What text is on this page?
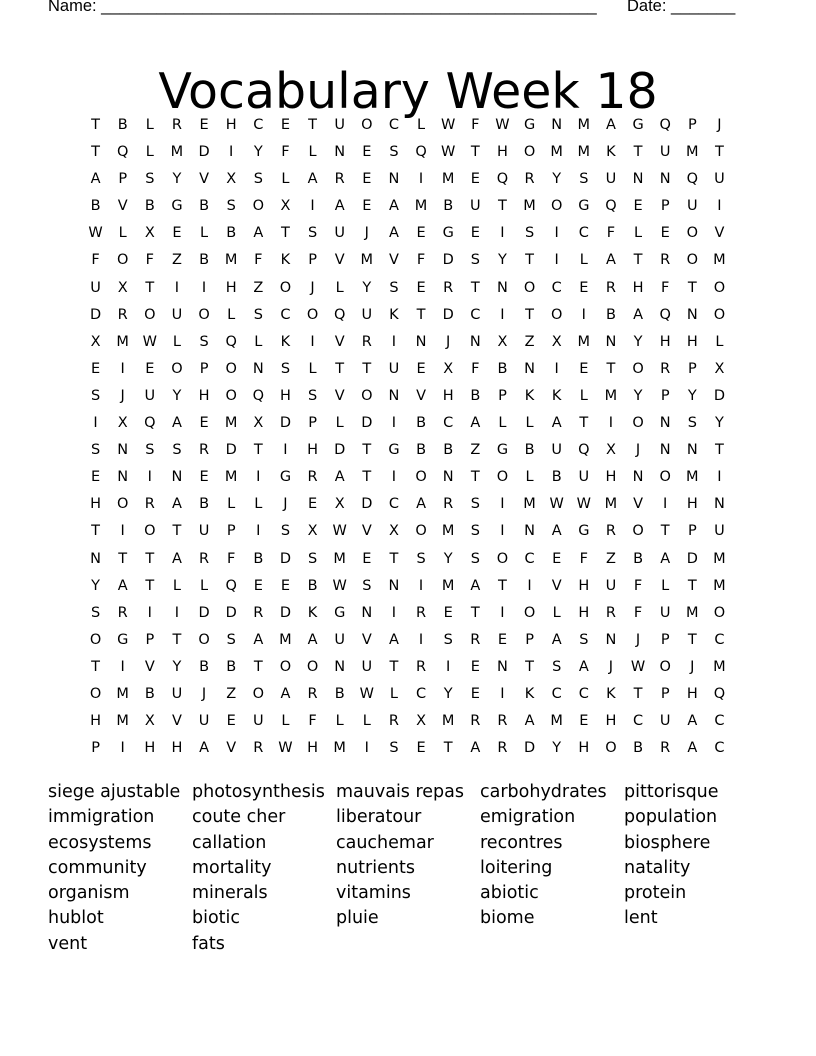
Name: ______________________________________________________ Date: _______
Vocabulary Week 18
T	B	L	R	E	H	C	E	T	U	O	C	L	W	F	W G	N	M	A	G	Q	P	J
T	Q	L	M	D	I	Y	F	L	N	E	S	Q W	T	H	O	M	M	K	T	U	M	T
A	P	S	Y	V	X	S	L	A	R	E	N	I	M	E	Q	R	Y	S	U	N	N	Q	U
B	V	B	G	B	S	O	X	I	A	E	A	M	B	U	T	M	O	G	Q	E	P	U	I
W	L	X	E	L	B	A	T	S	U	J	A	E	G	E	I	S	I	C	F	L	E	O	V
F	O	F	Z	B	M	F	K	P	V	M	V	F	D	S	Y	T	I	L	A	T	R	O	M
U	X	T	I	I	H	Z	O	J	L	Y	S	E	R	T	N	O	C	E	R	H	F	T	O
D	R	O	U	O	L	S	C	O	Q	U	K	T	D	C	I	T	O	I	B	A	Q	N	O
X	M W	L	S	Q	L	K	I	V	R	I	N	J	N	X	Z	X	M	N	Y	H	H	L
E	I	E	O	P	O	N	S	L	T	T	U	E	X	F	B	N	I	E	T	O	R	P	X
S	J	U	Y	H	O	Q	H	S	V	O	N	V	H	B	P	K	K	L	M	Y	P	Y	D
I	X	Q	A	E	M	X	D	P	L	D	I	B	C	A	L	L	A	T	I	O	N	S	Y
S	N	S	S	R	D	T	I	H	D	T	G	B	B	Z	G	B	U	Q	X	J	N	N	T
E	N	I	N	E	M	I	G	R	A	T	I	O	N	T	O	L	B	U	H	N	O	M	I
H	O	R	A	B	L	L	J	E	X	D	C	A	R	S	I	M W W M	V	I	H	N
T	I	O	T	U	P	I	S	X	W	V	X	O	M	S	I	N	A	G	R	O	T	P	U
N	T	T	A	R	F	B	D	S	M	E	T	S	Y	S	O	C	E	F	Z	B	A	D	M
Y	A	T	L	L	Q	E	E	B	W	S	N	I	M	A	T	I	V	H	U	F	L	T	M
S	R	I	I	D	D	R	D	K	G	N	I	R	E	T	I	O	L	H	R	F	U	M	O
O	G	P	T	O	S	A	M	A	U	V	A	I	S	R	E	P	A	S	N	J	P	T	C
T	I	V	Y	B	B	T	O	O	N	U	T	R	I	E	N	T	S	A	J	W O	J	M
O	M	B	U	J	Z	O	A	R	B	W	L	C	Y	E	I	K	C	C	K	T	P	H	Q
H	M	X	V	U	E	U	L	F	L	L	R	X	M	R	R	A	M	E	H	C	U	A	C
P	I	H	H	A	V	R	W	H	M	I	S	E	T	A	R	D	Y	H	O	B	R	A	C
siege ajustable
immigration
ecosystems
community
organism
hublot
vent
photosynthesis
coute cher
callation
mortality
minerals
biotic
fats
mauvais repas
liberatour
cauchemar
nutrients
vitamins
pluie
carbohydrates
emigration
recontres
loitering
abiotic
biome
pittorisque
population
biosphere
natality
protein
lent
